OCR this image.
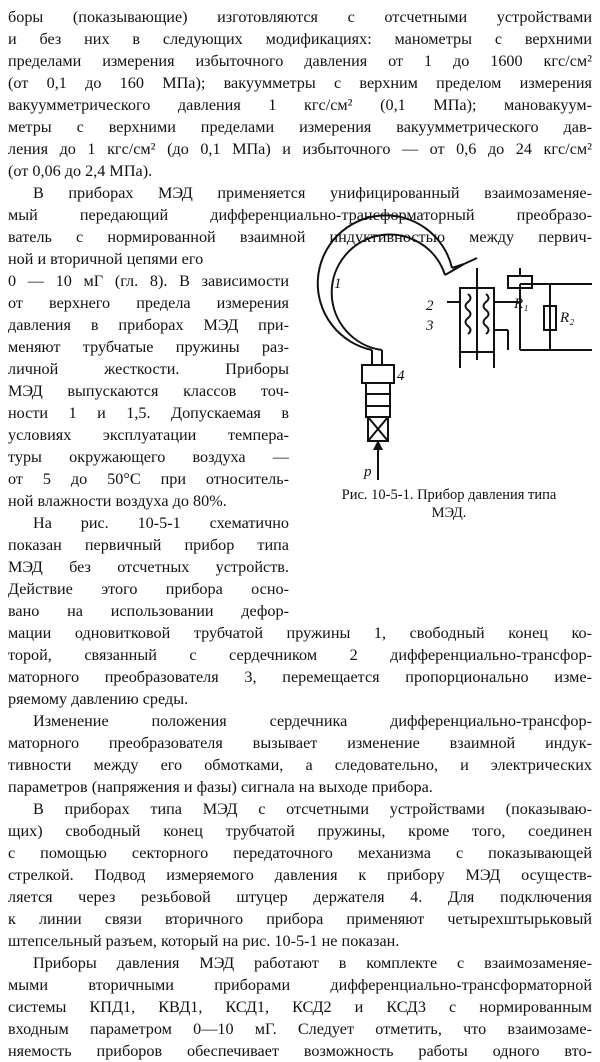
боры (показывающие) изготовляются с отсчетными устройствами
и без них в следующих модификациях: манометры с верхними
пределами измерения избыточного давления от 1 до 1600 кгс/см²
(от 0,1 до 160 МПа); вакуумметры с верхним пределом измерения
вакуумметрического давления 1 кгс/см² (0,1 МПа); мановакуум-
метры с верхними пределами измерения вакуумметрического дав-
ления до 1 кгс/см² (до 0,1 МПа) и избыточного — от 0,6 до 24 кгс/см²
(от 0,06 до 2,4 МПа).
В приборах МЭД применяется унифицированный взаимозаменяе-
мый передающий дифференциально-трансформаторный преобразо-
ватель с нормированной взаимной индуктивностью между первич-
ной и вторичной цепями его
0 — 10 мГ (гл. 8). В зависимости
от верхнего предела измерения
давления в приборах МЭД при-
меняют трубчатые пружины раз-
личной жесткости. Приборы
МЭД выпускаются классов точ-
ности 1 и 1,5. Допускаемая в
условиях эксплуатации темпера-
туры окружающего воздуха —
от 5 до 50°С при относитель-
ной влажности воздуха до 80%.
На рис. 10-5-1 схематично
показан первичный прибор типа
МЭД без отсчетных устройств.
Действие этого прибора осно-
вано на использовании дефор-
мации одновитковой трубчатой пружины 1, свободный конец ко-
торой, связанный с сердечником 2 дифференциально-трансфор-
маторного преобразователя 3, перемещается пропорционально изме-
ряемому давлению среды.
Изменение положения сердечника дифференциально-трансфор-
маторного преобразователя вызывает изменение взаимной индук-
тивности между его обмотками, а следовательно, и электрических
параметров (напряжения и фазы) сигнала на выходе прибора.
В приборах типа МЭД с отсчетными устройствами (показываю-
щих) свободный конец трубчатой пружины, кроме того, соединен
с помощью секторного передаточного механизма с показывающей
стрелкой. Подвод измеряемого давления к прибору МЭД осуществ-
ляется через резьбовой штуцер держателя 4. Для подключения
к линии связи вторичного прибора применяют четырехштырьковый
штепсельный разъем, который на рис. 10-5-1 не показан.
Приборы давления МЭД работают в комплекте с взаимозаменяе-
мыми вторичными приборами дифференциально-трансформаторной
системы КПД1, КВД1, КСД1, КСД2 и КСД3 с нормированным
входным параметром 0—10 мГ. Следует отметить, что взаимозаме-
няемость приборов обеспечивает возможность работы одного вто-
1
2
3
4
R₁
R₂
p
Рис. 10-5-1. Прибор давления типа
МЭД.
